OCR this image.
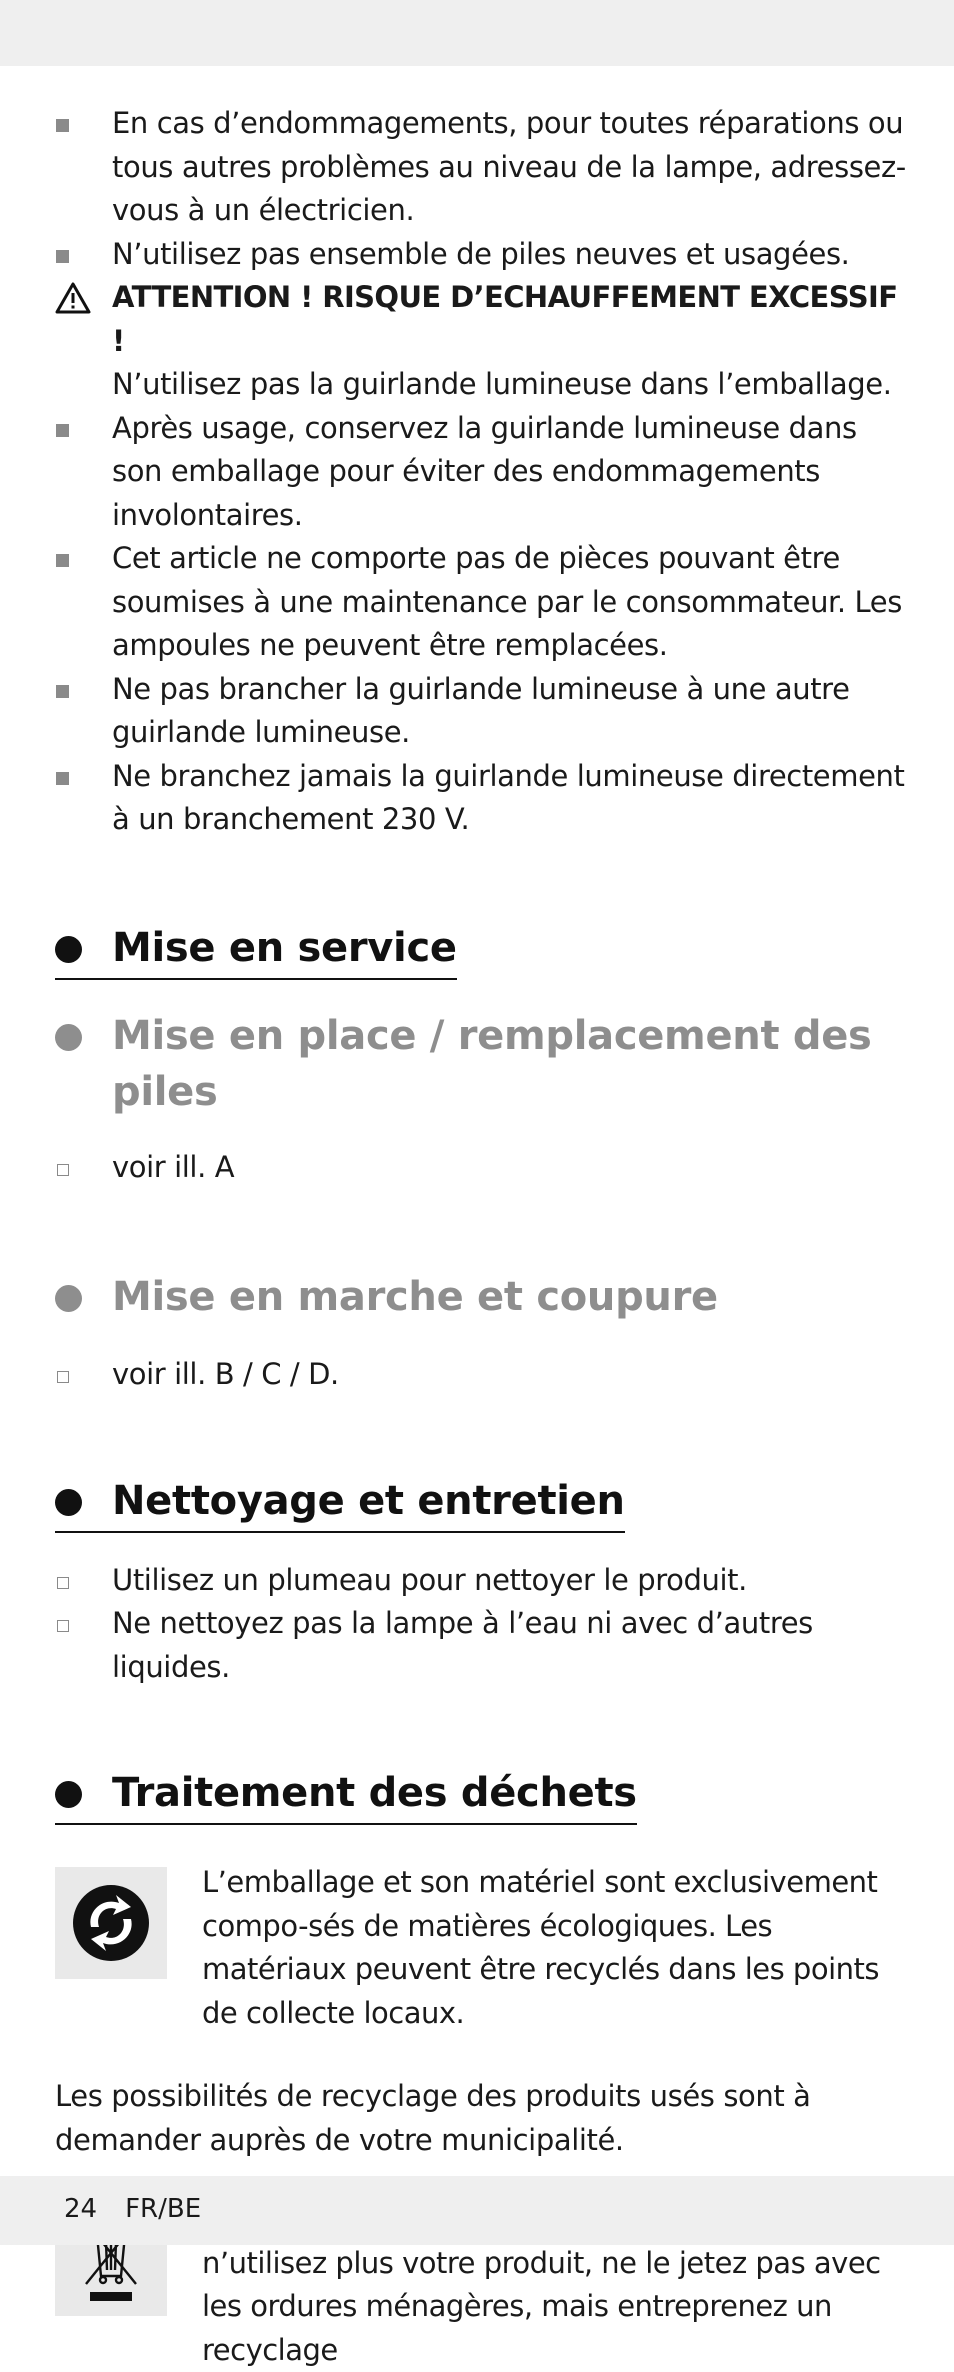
En cas d’endommagements, pour toutes réparations ou tous autres problèmes au niveau de la lampe, adressez-vous à un électricien.
N’utilisez pas ensemble de piles neuves et usagées.
ATTENTION ! RISQUE D’ECHAUFFEMENT EXCESSIF !
N’utilisez pas la guirlande lumineuse dans l’emballage.
Après usage, conservez la guirlande lumineuse dans son emballage pour éviter des endommagements involontaires.
Cet article ne comporte pas de pièces pouvant être soumises à une maintenance par le consommateur. Les ampoules ne peuvent être remplacées.
Ne pas brancher la guirlande lumineuse à une autre guirlande lumineuse.
Ne branchez jamais la guirlande lumineuse directement à un branchement 230 V.
Mise en service
Mise en place / remplacement des piles
voir ill. A
Mise en marche et coupure
voir ill. B / C / D.
Nettoyage et entretien
Utilisez un plumeau pour nettoyer le produit.
Ne nettoyez pas la lampe à l’eau ni avec d’autres liquides.
Traitement des déchets
L’emballage et son matériel sont exclusivement compo-sés de matières écologiques. Les matériaux peuvent être recyclés dans les points de collecte locaux.
Les possibilités de recyclage des produits usés sont à demander auprès de votre municipalité.
n’utilisez plus votre produit, ne le jetez pas avec les ordures ménagères, mais entreprenez un recyclage
24 FR/BE
